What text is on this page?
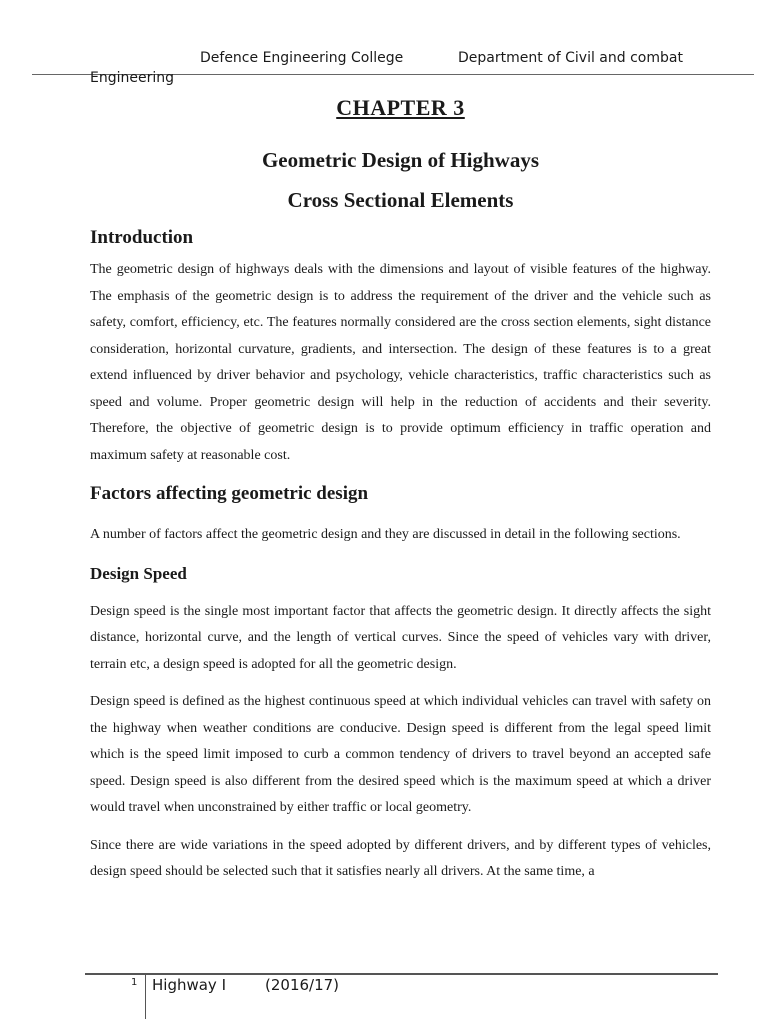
Defence Engineering College	Department of Civil and combat
Engineering
CHAPTER 3
Geometric Design of Highways
Cross Sectional Elements
Introduction

The geometric design of highways deals with the dimensions and layout of visible features of the highway. The emphasis of the geometric design is to address the requirement of the driver and the vehicle such as safety, comfort, efficiency, etc. The features normally considered are the cross section elements, sight distance consideration, horizontal curvature, gradients, and intersection. The design of these features is to a great extend influenced by driver behavior and psychology, vehicle characteristics, traffic characteristics such as speed and volume. Proper geometric design will help in the reduction of accidents and their severity. Therefore, the objective of geometric design is to provide optimum efficiency in traffic operation and maximum safety at reasonable cost.

Factors affecting geometric design

A number of factors affect the geometric design and they are discussed in detail in the following sections.

Design Speed

Design speed is the single most important factor that affects the geometric design. It directly affects the sight distance, horizontal curve, and the length of vertical curves. Since the speed of vehicles vary with driver, terrain etc, a design speed is adopted for all the geometric design.

Design speed is defined as the highest continuous speed at which individual vehicles can travel with safety on the highway when weather conditions are conducive. Design speed is different from the legal speed limit which is the speed limit imposed to curb a common tendency of drivers to travel beyond an accepted safe speed. Design speed is also different from the desired speed which is the maximum speed at which a driver would travel when unconstrained by either traffic or local geometry.

Since there are wide variations in the speed adopted by different drivers, and by different types of vehicles, design speed should be selected such that it satisfies nearly all drivers. At the same time, a

1 Highway I	(2016/17)
